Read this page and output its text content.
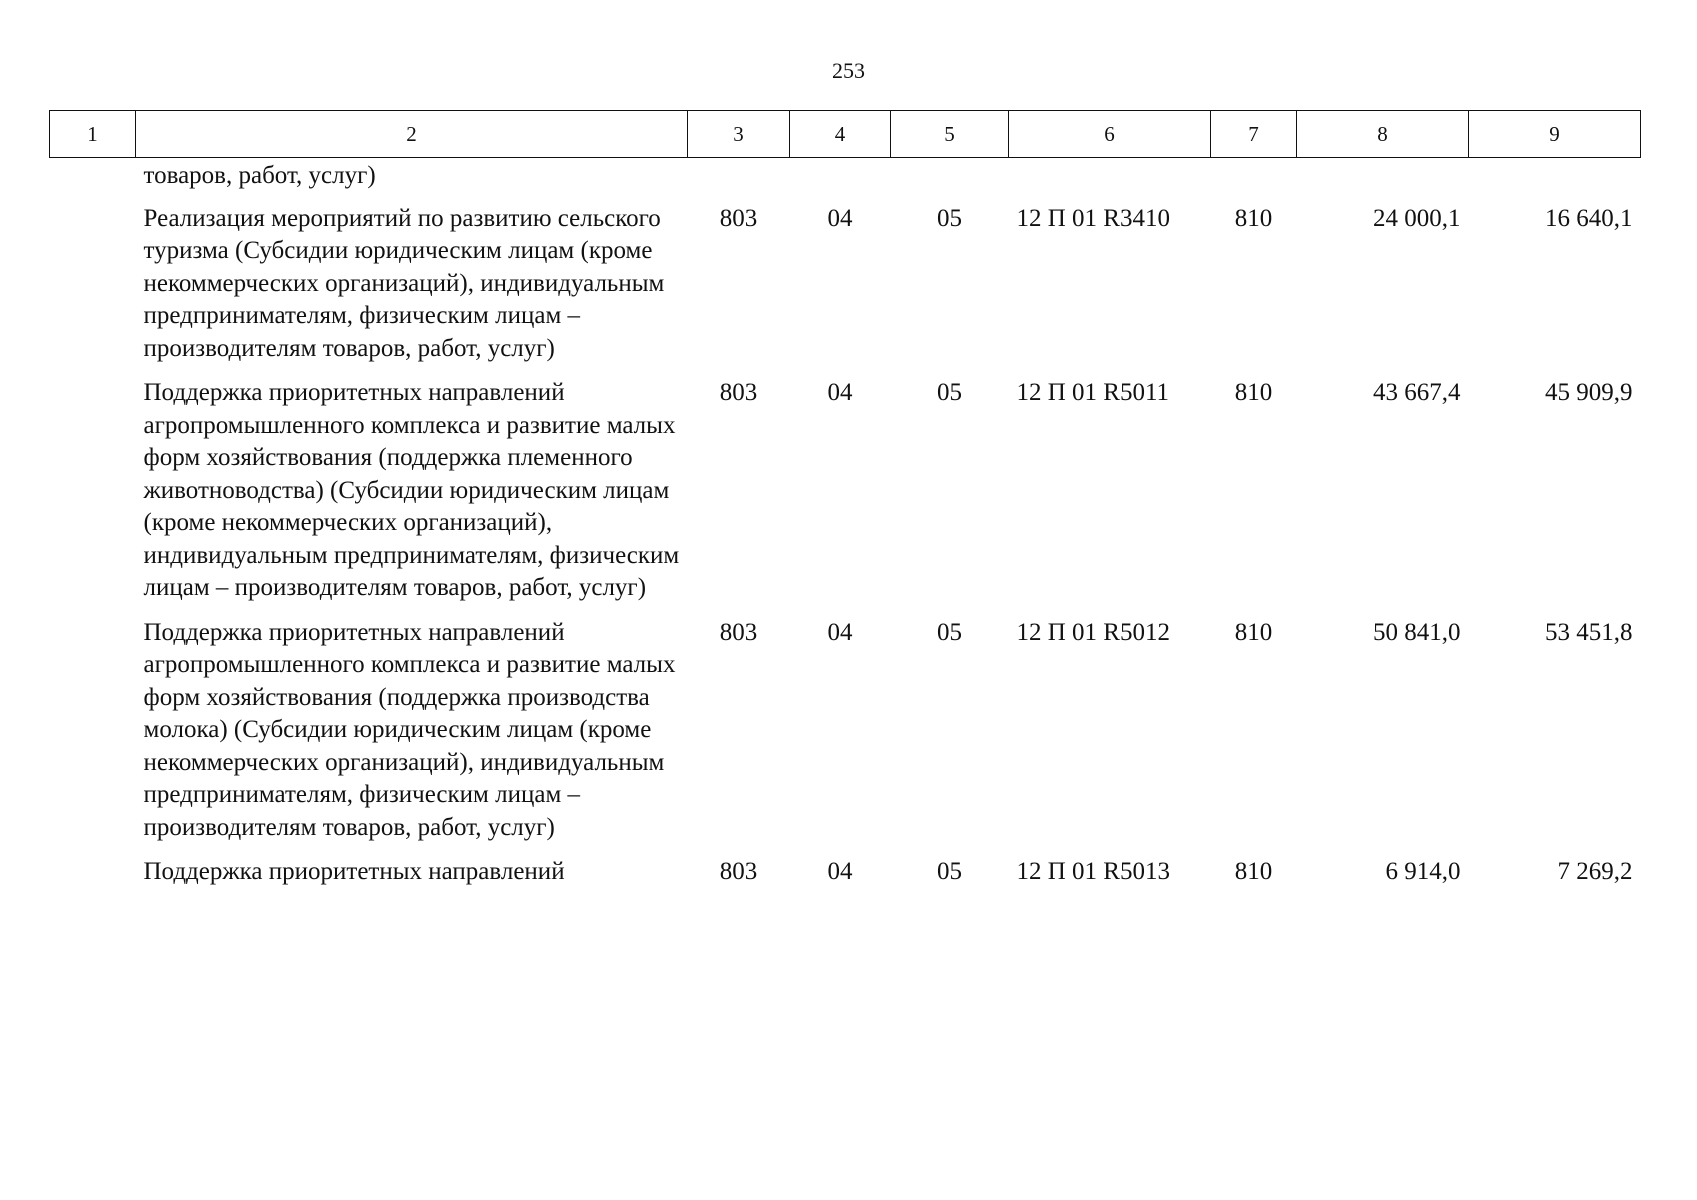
253
1	2	3	4	5	6	7	8	9
	товаров, работ, услуг)							
	Реализация мероприятий по развитию сельского туризма (Субсидии юридическим лицам (кроме некоммерческих организаций), индивидуальным предпринимателям, физическим лицам – производителям товаров, работ, услуг)	803	04	05	12 П 01 R3410	810	24 000,1	16 640,1
	Поддержка приоритетных направлений агропромышленного комплекса и развитие малых форм хозяйствования (поддержка племенного животноводства) (Субсидии юридическим лицам (кроме некоммерческих организаций), индивидуальным предпринимателям, физическим лицам – производителям товаров, работ, услуг)	803	04	05	12 П 01 R5011	810	43 667,4	45 909,9
	Поддержка приоритетных направлений агропромышленного комплекса и развитие малых форм хозяйствования (поддержка производства молока) (Субсидии юридическим лицам (кроме некоммерческих организаций), индивидуальным предпринимателям, физическим лицам – производителям товаров, работ, услуг)	803	04	05	12 П 01 R5012	810	50 841,0	53 451,8
	Поддержка приоритетных направлений	803	04	05	12 П 01 R5013	810	6 914,0	7 269,2
